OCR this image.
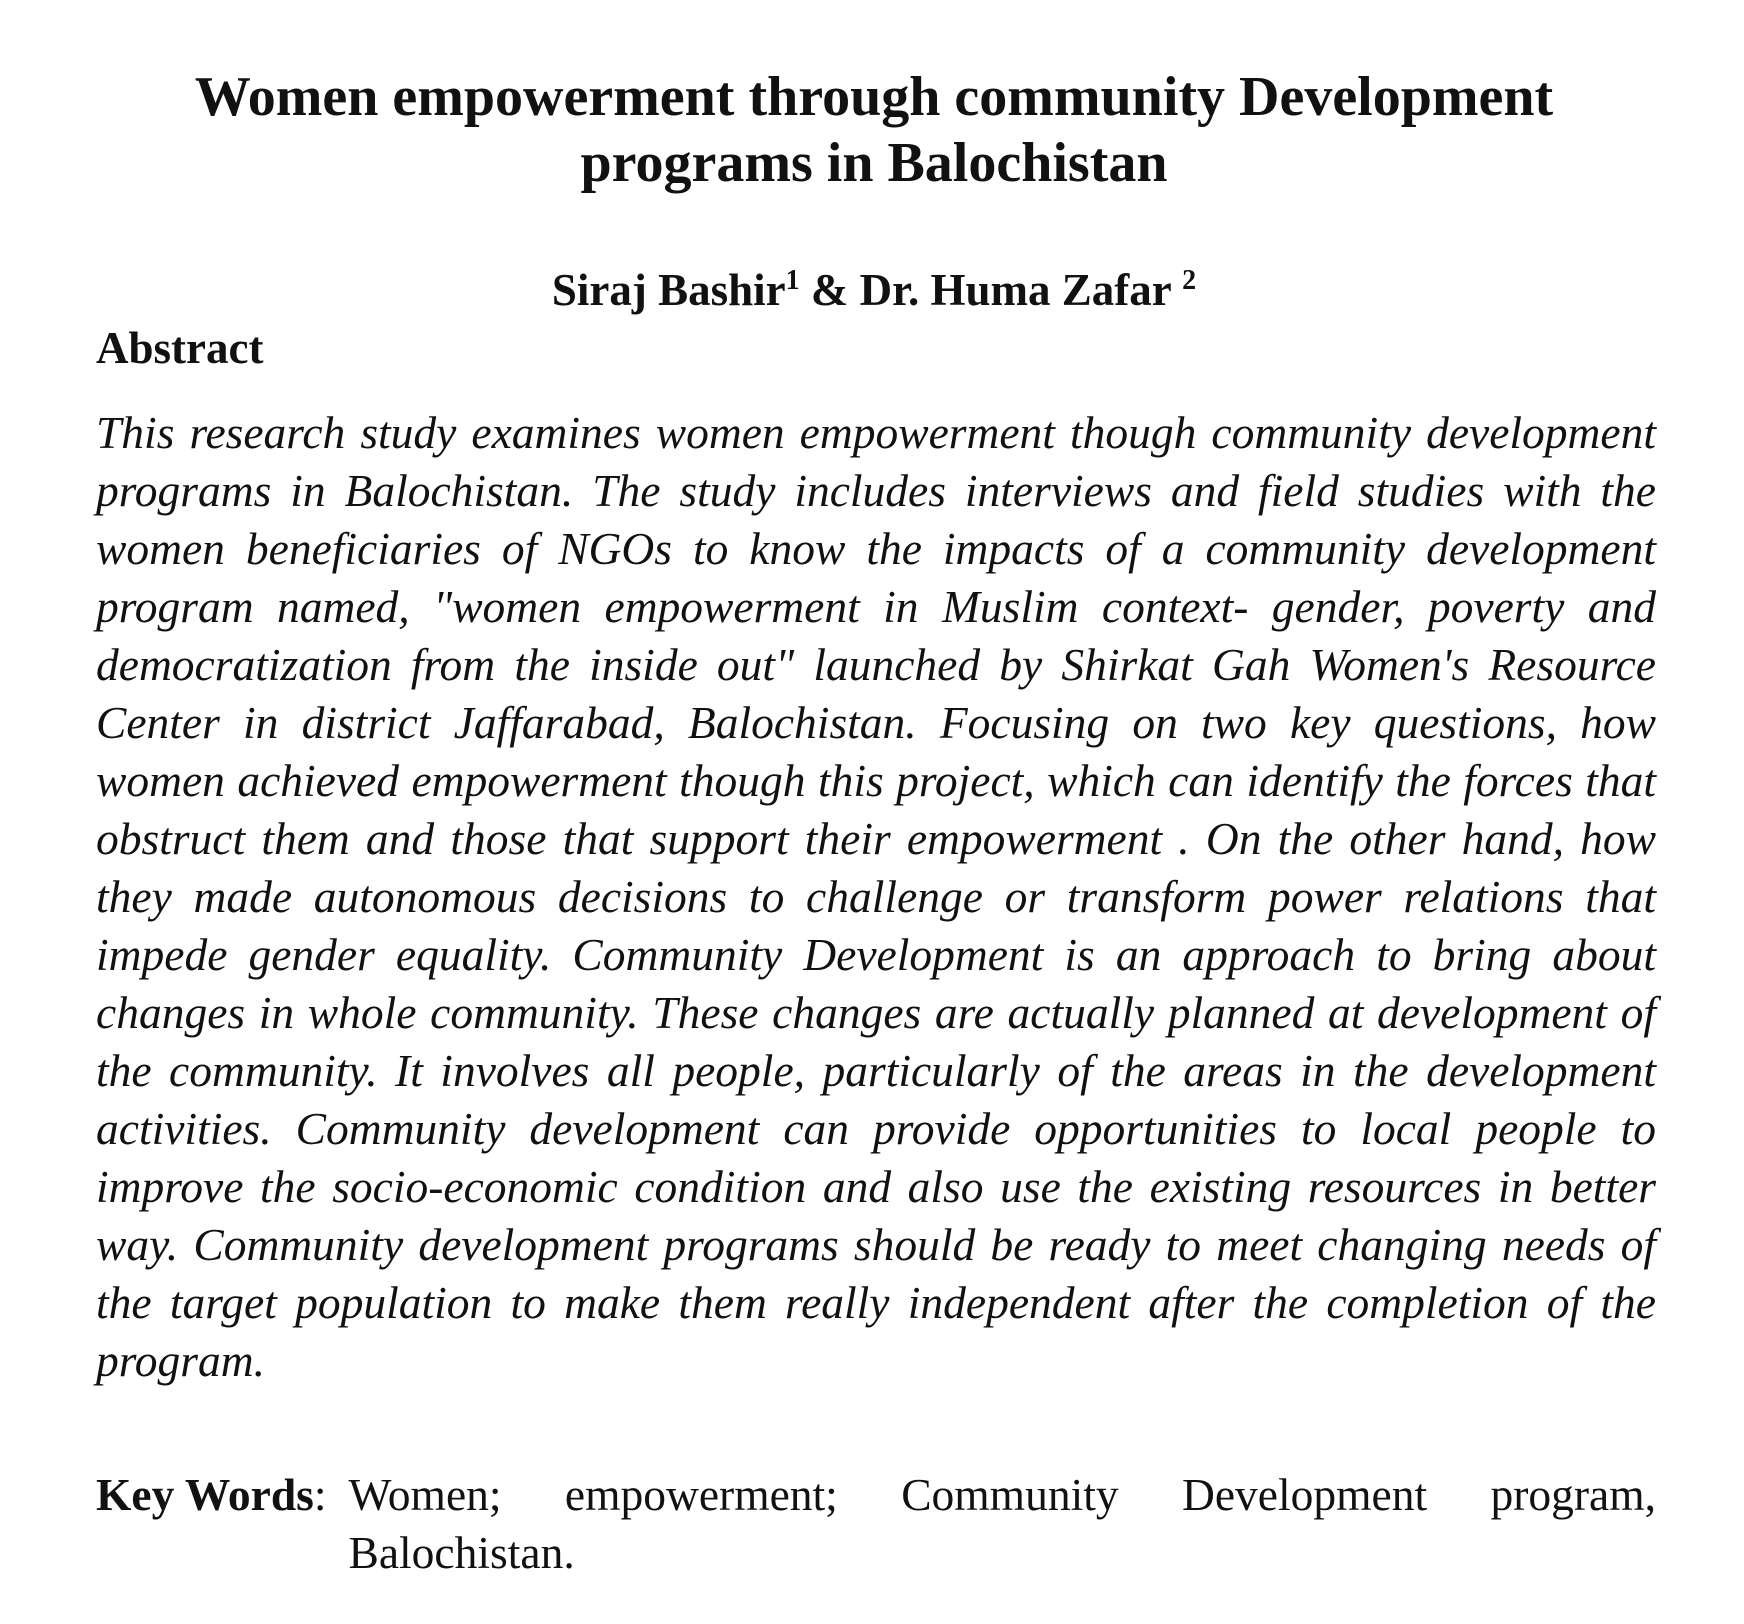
Women empowerment through community Development programs in Balochistan

Siraj Bashir$^1$ & Dr. Huma Zafar $^2$

Abstract

This research study examines women empowerment though community development programs in Balochistan. The study includes interviews and field studies with the women beneficiaries of NGOs to know the impacts of a community development program named, "women empowerment in Muslim context- gender, poverty and democratization from the inside out" launched by Shirkat Gah Women's Resource Center in district Jaffarabad, Balochistan. Focusing on two key questions, how women achieved empowerment though this project, which can identify the forces that obstruct them and those that support their empowerment . On the other hand, how they made autonomous decisions to challenge or transform power relations that impede gender equality. Community Development is an approach to bring about changes in whole community. These changes are actually planned at development of the community. It involves all people, particularly of the areas in the development activities. Community development can provide opportunities to local people to improve the socio-economic condition and also use the existing resources in better way. Community development programs should be ready to meet changing needs of the target population to make them really independent after the completion of the program.

Key Words: Women; empowerment; Community Development program, Balochistan.
